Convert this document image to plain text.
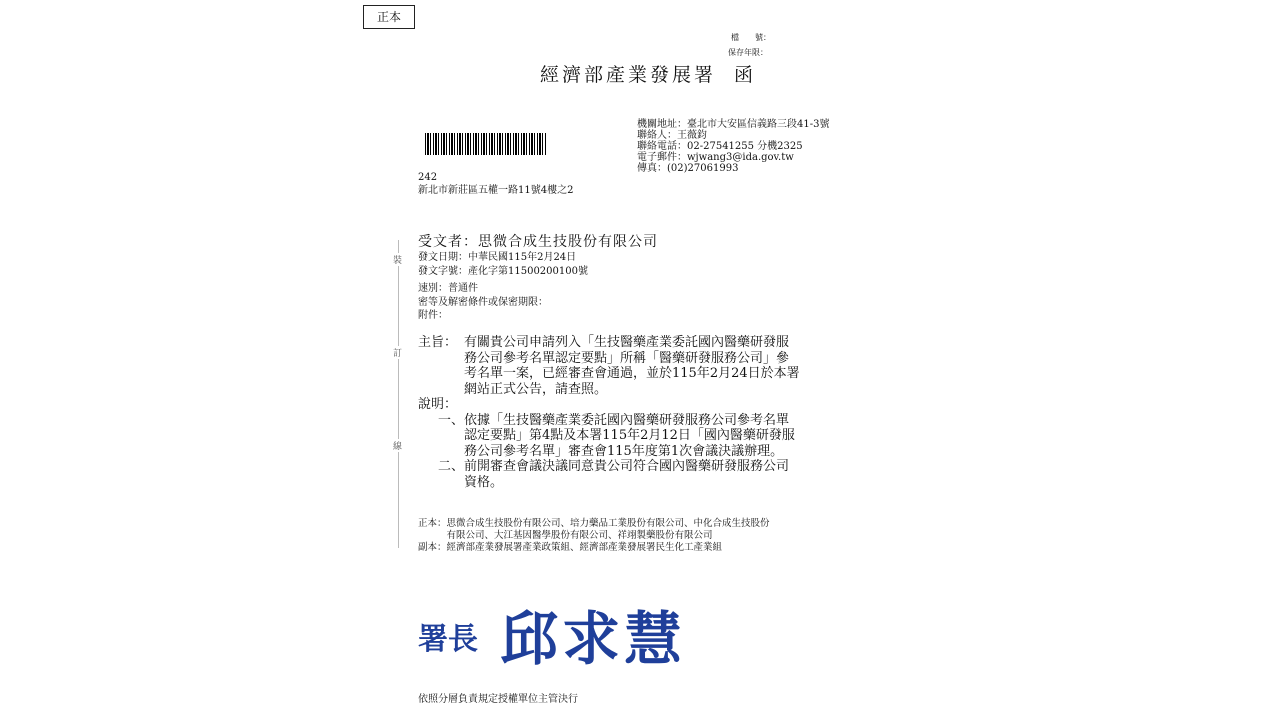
正本
檔　　號：
保存年限：
經濟部產業發展署 函
機關地址：臺北市大安區信義路三段41-3號
聯絡人：王薇鈞
聯絡電話：02-27541255 分機2325
電子郵件：wjwang3@ida.gov.tw
傳真：(02)27061993
242
新北市新莊區五權一路11號4樓之2
受文者：思微合成生技股份有限公司
發文日期：中華民國115年2月24日
發文字號：產化字第11500200100號
速別：普通件
密等及解密條件或保密期限：
附件：
裝
訂
線
主旨： 有關貴公司申請列入「生技醫藥產業委託國內醫藥研發服
務公司參考名單認定要點」所稱「醫藥研發服務公司」參
考名單一案，已經審查會通過，並於115年2月24日於本署
網站正式公告，請查照。
說明：
一、 依據「生技醫藥產業委託國內醫藥研發服務公司參考名單
認定要點」第4點及本署115年2月12日「國內醫藥研發服
務公司參考名單」審查會115年度第1次會議決議辦理。
二、 前開審查會議決議同意貴公司符合國內醫藥研發服務公司
資格。
正本： 思微合成生技股份有限公司、培力藥品工業股份有限公司、中化合成生技股份
有限公司、大江基因醫學股份有限公司、祥翊製藥股份有限公司
副本： 經濟部產業發展署產業政策組、經濟部產業發展署民生化工產業組
署長 邱求慧
依照分層負責規定授權單位主管決行
